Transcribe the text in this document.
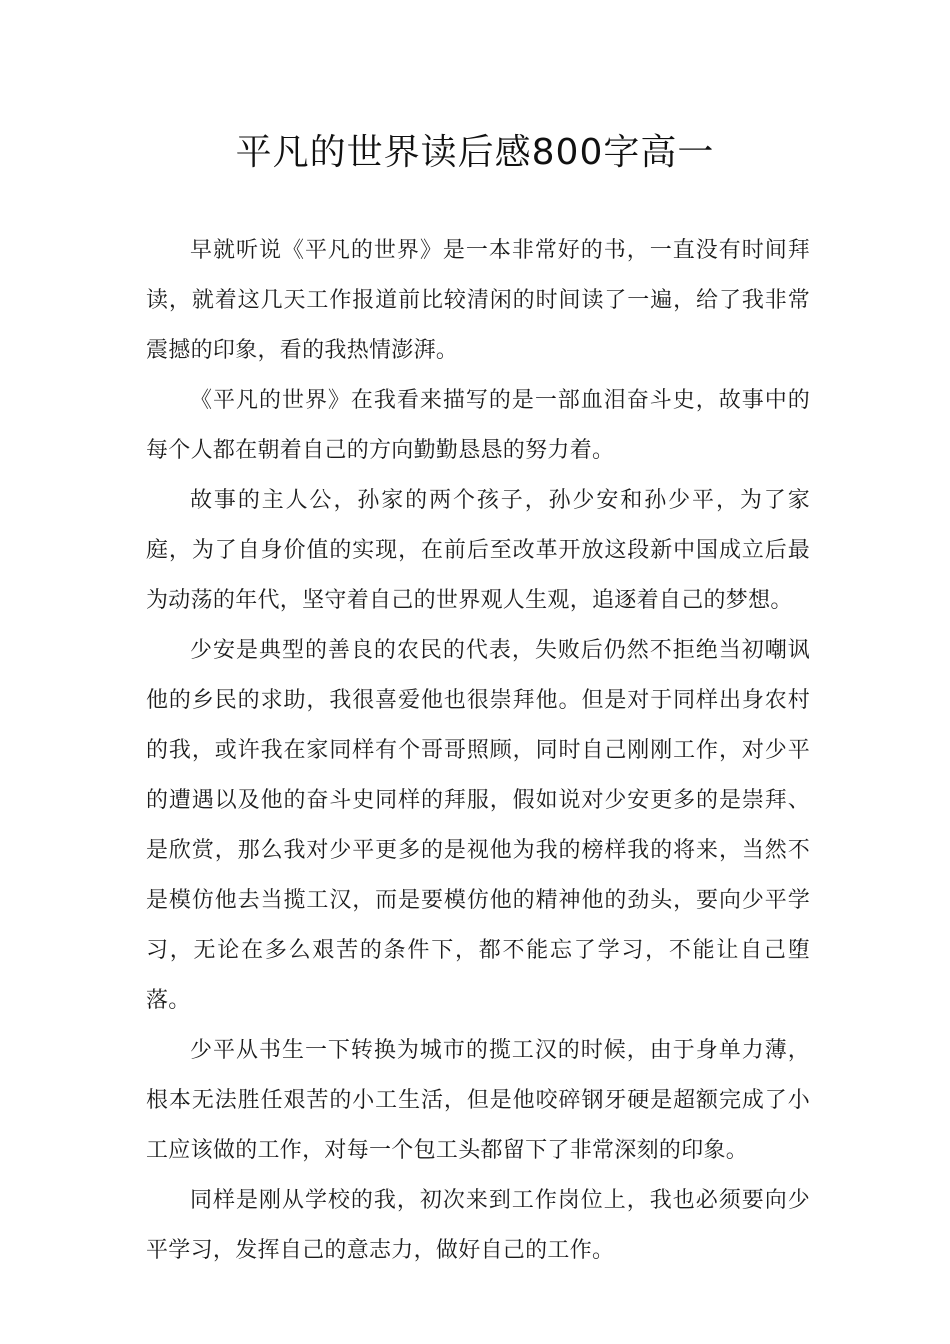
平凡的世界读后感800字高一

早就听说《平凡的世界》是一本非常好的书，一直没有时间拜读，就着这几天工作报道前比较清闲的时间读了一遍，给了我非常震撼的印象，看的我热情澎湃。

《平凡的世界》在我看来描写的是一部血泪奋斗史，故事中的每个人都在朝着自己的方向勤勤恳恳的努力着。

故事的主人公，孙家的两个孩子，孙少安和孙少平，为了家庭，为了自身价值的实现，在前后至改革开放这段新中国成立后最为动荡的年代，坚守着自己的世界观人生观，追逐着自己的梦想。

少安是典型的善良的农民的代表，失败后仍然不拒绝当初嘲讽他的乡民的求助，我很喜爱他也很崇拜他。但是对于同样出身农村的我，或许我在家同样有个哥哥照顾，同时自己刚刚工作，对少平的遭遇以及他的奋斗史同样的拜服，假如说对少安更多的是崇拜、是欣赏，那么我对少平更多的是视他为我的榜样我的将来，当然不是模仿他去当揽工汉，而是要模仿他的精神他的劲头，要向少平学习，无论在多么艰苦的条件下，都不能忘了学习，不能让自己堕落。

少平从书生一下转换为城市的揽工汉的时候，由于身单力薄，根本无法胜任艰苦的小工生活，但是他咬碎钢牙硬是超额完成了小工应该做的工作，对每一个包工头都留下了非常深刻的印象。

同样是刚从学校的我，初次来到工作岗位上，我也必须要向少平学习，发挥自己的意志力，做好自己的工作。
